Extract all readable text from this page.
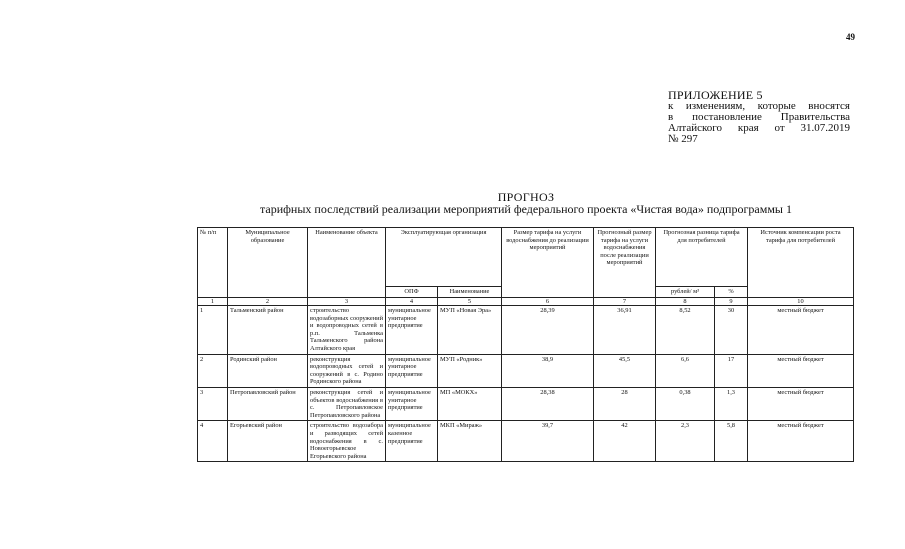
49
ПРИЛОЖЕНИЕ 5
к изменениям, которые вносятся
в постановление Правительства
Алтайского края от 31.07.2019
№ 297
ПРОГНОЗ
тарифных последствий реализации мероприятий федерального проекта «Чистая вода» подпрограммы 1
№ п/п	Муниципальное образование	Наименование объекта	Эксплуатирующая организация		Размер тарифа на услуги водоснабжения до реализации мероприятий	Прогнозный размер тарифа на услуги водоснабжения после реализации мероприятий	Прогнозная разница тарифа для потребителей		Источник компенсации роста тарифа для потребителей
			ОПФ	Наименование			рублей/ м³	%	
1	2	3	4	5	6	7	8	9	10
1	Тальменский район	строительство водозаборных сооружений и водопроводных сетей в р.п. Тальменка Тальменского района Алтайского края	муниципальное унитарное предприятие	МУП «Новая Эра»	28,39	36,91	8,52	30	местный бюджет
2	Родинский район	реконструкция водопроводных сетей и сооружений в с. Родино Родинского района	муниципальное унитарное предприятие	МУП «Родник»	38,9	45,5	6,6	17	местный бюджет
3	Петропавловский район	реконструкция сетей и объектов водоснабжения в с. Петропавловское Петропавловского района	муниципальное унитарное предприятие	МП «МОКХ»	28,38	28	0,38	1,3	местный бюджет
4	Егорьевский район	строительство водозабора и разводящих сетей водоснабжения в с. Новоегорьевское Егорьевского района	муниципальное казенное предприятие	МКП «Мираж»	39,7	42	2,3	5,8	местный бюджет
